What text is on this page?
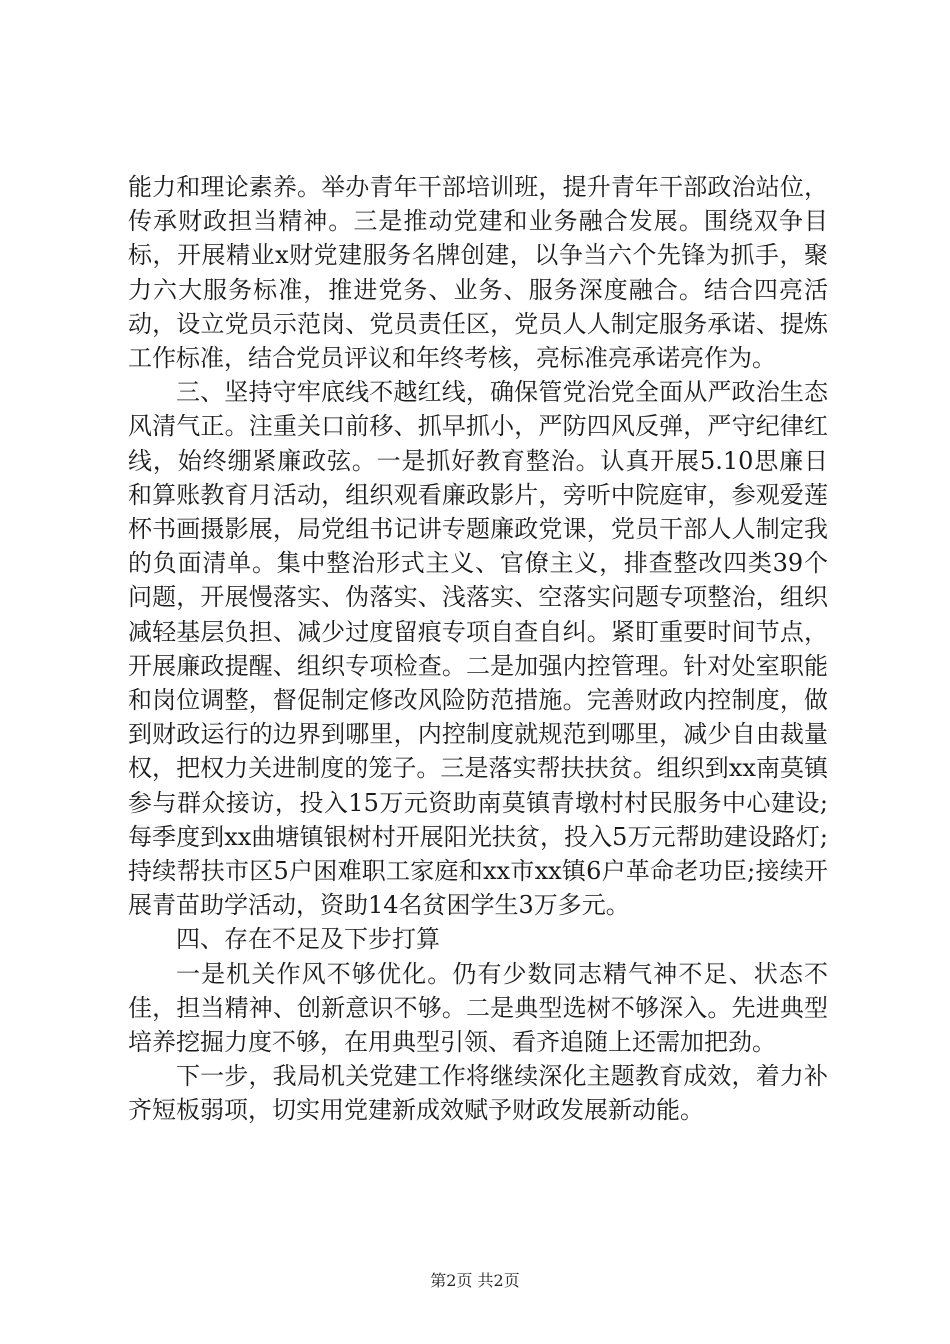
能力和理论素养。举办青年干部培训班，提升青年干部政治站位，传承财政担当精神。三是推动党建和业务融合发展。围绕双争目标，开展精业x财党建服务名牌创建，以争当六个先锋为抓手，聚力六大服务标准，推进党务、业务、服务深度融合。结合四亮活动，设立党员示范岗、党员责任区，党员人人制定服务承诺、提炼工作标准，结合党员评议和年终考核，亮标准亮承诺亮作为。

三、坚持守牢底线不越红线，确保管党治党全面从严政治生态风清气正。注重关口前移、抓早抓小，严防四风反弹，严守纪律红线，始终绷紧廉政弦。一是抓好教育整治。认真开展5.10思廉日和算账教育月活动，组织观看廉政影片，旁听中院庭审，参观爱莲杯书画摄影展，局党组书记讲专题廉政党课，党员干部人人制定我的负面清单。集中整治形式主义、官僚主义，排查整改四类39个问题，开展慢落实、伪落实、浅落实、空落实问题专项整治，组织减轻基层负担、减少过度留痕专项自查自纠。紧盯重要时间节点，开展廉政提醒、组织专项检查。二是加强内控管理。针对处室职能和岗位调整，督促制定修改风险防范措施。完善财政内控制度，做到财政运行的边界到哪里，内控制度就规范到哪里，减少自由裁量权，把权力关进制度的笼子。三是落实帮扶扶贫。组织到xx南莫镇参与群众接访，投入15万元资助南莫镇青墩村村民服务中心建设;每季度到xx曲塘镇银树村开展阳光扶贫，投入5万元帮助建设路灯;持续帮扶市区5户困难职工家庭和xx市xx镇6户革命老功臣;接续开展青苗助学活动，资助14名贫困学生3万多元。

四、存在不足及下步打算

一是机关作风不够优化。仍有少数同志精气神不足、状态不佳，担当精神、创新意识不够。二是典型选树不够深入。先进典型培养挖掘力度不够，在用典型引领、看齐追随上还需加把劲。

下一步，我局机关党建工作将继续深化主题教育成效，着力补齐短板弱项，切实用党建新成效赋予财政发展新动能。

第2页 共2页
